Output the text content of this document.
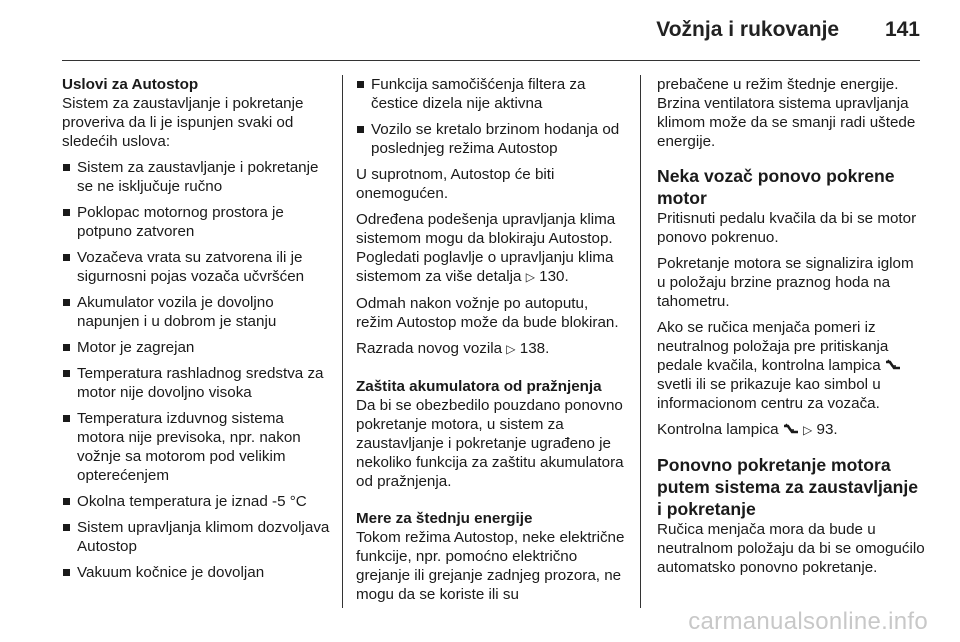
Vožnja i rukovanje 141
Uslovi za Autostop

Sistem za zaustavljanje i pokretanje proveriva da li je ispunjen svaki od sledećih uslova:

Sistem za zaustavljanje i pokretanje se ne isključuje ručno
Poklopac motornog prostora je potpuno zatvoren
Vozačeva vrata su zatvorena ili je sigurnosni pojas vozača učvršćen
Akumulator vozila je dovoljno napunjen i u dobrom je stanju
Motor je zagrejan
Temperatura rashladnog sredstva za motor nije dovoljno visoka
Temperatura izduvnog sistema motora nije previsoka, npr. nakon vožnje sa motorom pod velikim opterećenjem
Okolna temperatura je iznad -5 °C
Sistem upravljanja klimom dozvoljava Autostop
Vakuum kočnice je dovoljan
Funkcija samočišćenja filtera za čestice dizela nije aktivna
Vozilo se kretalo brzinom hodanja od poslednjeg režima Autostop

U suprotnom, Autostop će biti onemogućen.

Određena podešenja upravljanja klima sistemom mogu da blokiraju Autostop. Pogledati poglavlje o upravljanju klima sistemom za više detalja ▷ 130.

Odmah nakon vožnje po autoputu, režim Autostop može da bude blokiran.

Razrada novog vozila ▷ 138.

Zaštita akumulatora od pražnjenja

Da bi se obezbedilo pouzdano ponovno pokretanje motora, u sistem za zaustavljanje i pokretanje ugrađeno je nekoliko funkcija za zaštitu akumulatora od pražnjenja.

Mere za štednju energije

Tokom režima Autostop, neke električne funkcije, npr. pomoćno električno grejanje ili grejanje zadnjeg prozora, ne mogu da se koriste ili su

prebačene u režim štednje energije. Brzina ventilatora sistema upravljanja klimom može da se smanji radi uštede energije.

Neka vozač ponovo pokrene motor

Pritisnuti pedalu kvačila da bi se motor ponovo pokrenuo.

Pokretanje motora se signalizira iglom u položaju brzine praznog hoda na tahometru.

Ako se ručica menjača pomeri iz neutralnog položaja pre pritiskanja pedale kvačila, kontrolna lampica  svetli ili se prikazuje kao simbol u informacionom centru za vozača.

Kontrolna lampica ▷ 93.

Ponovno pokretanje motora putem sistema za zaustavljanje i pokretanje

Ručica menjača mora da bude u neutralnom položaju da bi se omogućilo automatsko ponovno pokretanje.

carmanualsonline.info
